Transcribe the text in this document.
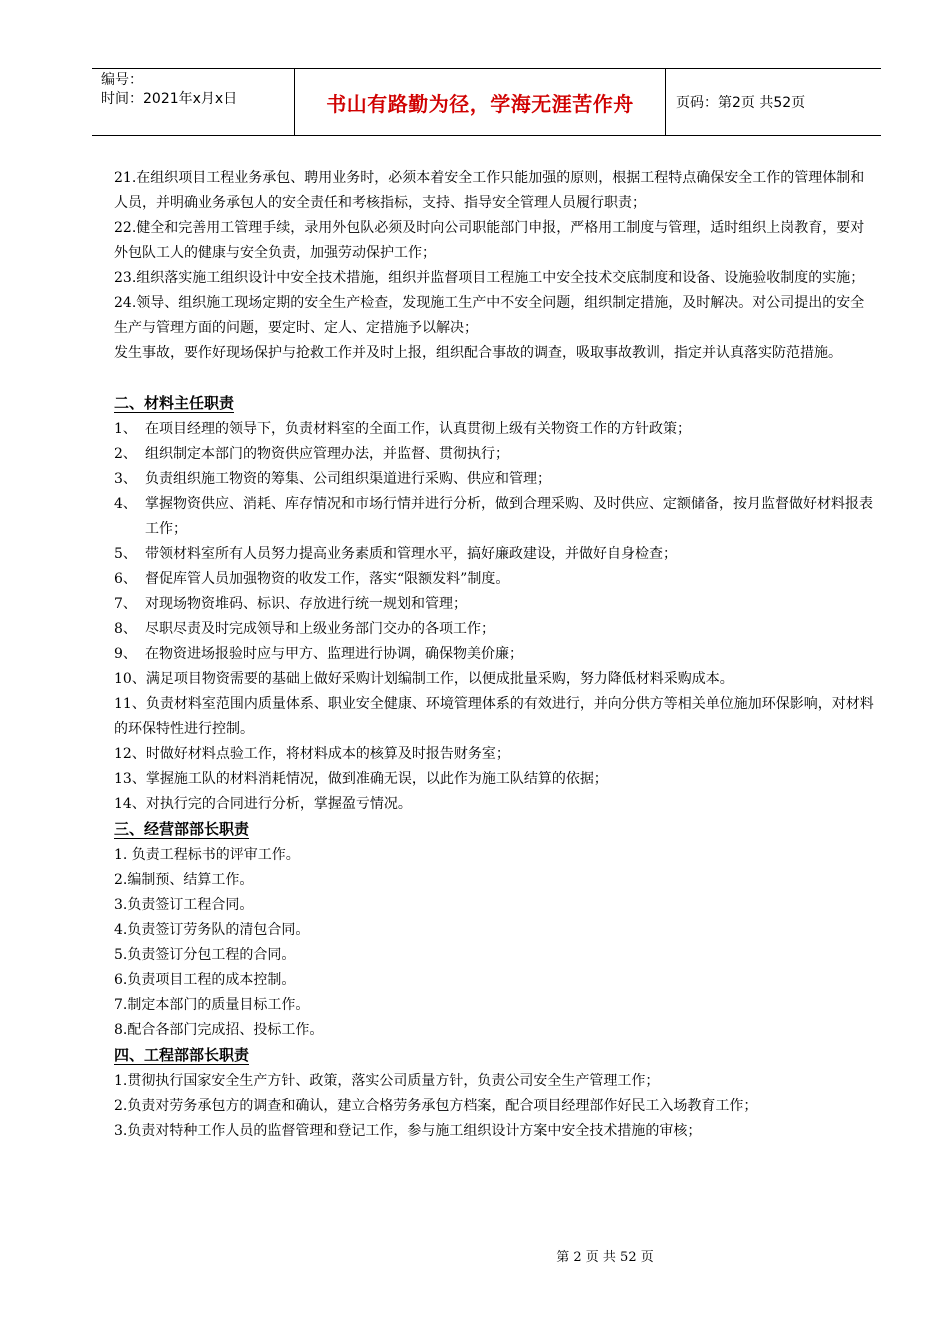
编号：
时间：2021年x月x日	书山有路勤为径，学海无涯苦作舟	页码：第2页 共52页

21.在组织项目工程业务承包、聘用业务时，必须本着安全工作只能加强的原则，根据工程特点确保安全工作的管理体制和人员，并明确业务承包人的安全责任和考核指标，支持、指导安全管理人员履行职责；

22.健全和完善用工管理手续，录用外包队必须及时向公司职能部门申报，严格用工制度与管理，适时组织上岗教育，要对外包队工人的健康与安全负责，加强劳动保护工作；

23.组织落实施工组织设计中安全技术措施，组织并监督项目工程施工中安全技术交底制度和设备、设施验收制度的实施；

24.领导、组织施工现场定期的安全生产检查，发现施工生产中不安全问题，组织制定措施，及时解决。对公司提出的安全生产与管理方面的问题，要定时、定人、定措施予以解决；

发生事故，要作好现场保护与抢救工作并及时上报，组织配合事故的调查，吸取事故教训，指定并认真落实防范措施。

二、材料主任职责
1、 在项目经理的领导下，负责材料室的全面工作，认真贯彻上级有关物资工作的方针政策；
2、 组织制定本部门的物资供应管理办法，并监督、贯彻执行；
3、 负责组织施工物资的筹集、公司组织渠道进行采购、供应和管理；
4、 掌握物资供应、消耗、库存情况和市场行情并进行分析，做到合理采购、及时供应、定额储备，按月监督做好材料报表工作；
5、 带领材料室所有人员努力提高业务素质和管理水平，搞好廉政建设，并做好自身检查；
6、 督促库管人员加强物资的收发工作，落实“限额发料”制度。
7、 对现场物资堆码、标识、存放进行统一规划和管理；
8、 尽职尽责及时完成领导和上级业务部门交办的各项工作；
9、 在物资进场报验时应与甲方、监理进行协调，确保物美价廉；

10、满足项目物资需要的基础上做好采购计划编制工作，以便成批量采购，努力降低材料采购成本。

11、负责材料室范围内质量体系、职业安全健康、环境管理体系的有效进行，并向分供方等相关单位施加环保影响，对材料的环保特性进行控制。

12、时做好材料点验工作，将材料成本的核算及时报告财务室；

13、掌握施工队的材料消耗情况，做到准确无误，以此作为施工队结算的依据；

14、对执行完的合同进行分析，掌握盈亏情况。

三、经营部部长职责

1. 负责工程标书的评审工作。

2.编制预、结算工作。

3.负责签订工程合同。

4.负责签订劳务队的清包合同。

5.负责签订分包工程的合同。

6.负责项目工程的成本控制。

7.制定本部门的质量目标工作。

8.配合各部门完成招、投标工作。

四、工程部部长职责

1.贯彻执行国家安全生产方针、政策，落实公司质量方针，负责公司安全生产管理工作；

2.负责对劳务承包方的调查和确认，建立合格劳务承包方档案，配合项目经理部作好民工入场教育工作；

3.负责对特种工作人员的监督管理和登记工作，参与施工组织设计方案中安全技术措施的审核；

第 2 页 共 52 页
